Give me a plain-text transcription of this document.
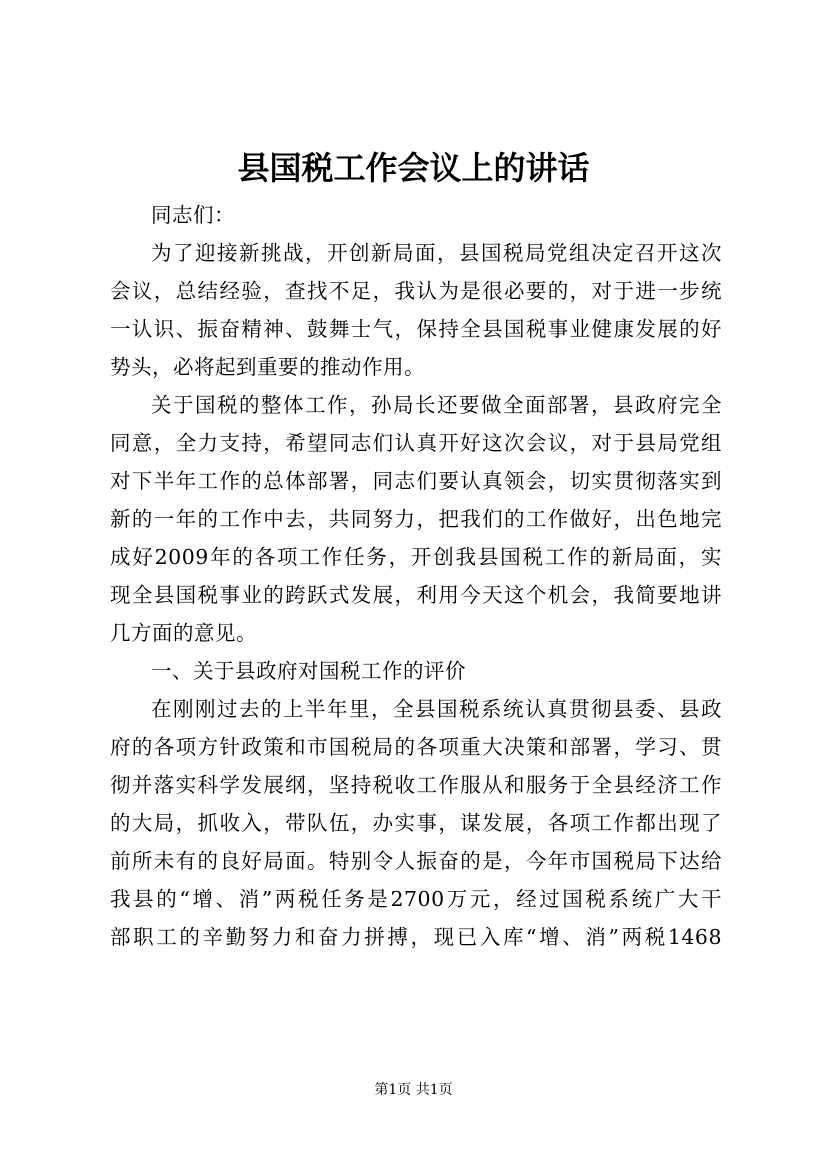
县国税工作会议上的讲话
同志们：
为了迎接新挑战，开创新局面，县国税局党组决定召开这次
会议，总结经验，查找不足，我认为是很必要的，对于进一步统
一认识、振奋精神、鼓舞士气，保持全县国税事业健康发展的好
势头，必将起到重要的推动作用。
关于国税的整体工作，孙局长还要做全面部署，县政府完全
同意，全力支持，希望同志们认真开好这次会议，对于县局党组
对下半年工作的总体部署，同志们要认真领会，切实贯彻落实到
新的一年的工作中去，共同努力，把我们的工作做好，出色地完
成好2009年的各项工作任务，开创我县国税工作的新局面，实
现全县国税事业的跨跃式发展，利用今天这个机会，我简要地讲
几方面的意见。
一、关于县政府对国税工作的评价
在刚刚过去的上半年里，全县国税系统认真贯彻县委、县政
府的各项方针政策和市国税局的各项重大决策和部署，学习、贯
彻并落实科学发展纲，坚持税收工作服从和服务于全县经济工作
的大局，抓收入，带队伍，办实事，谋发展，各项工作都出现了
前所未有的良好局面。特别令人振奋的是，今年市国税局下达给
我县的“增、消”两税任务是2700万元，经过国税系统广大干
部职工的辛勤努力和奋力拼搏，现已入库“增、消”两税1468
第1页 共1页
